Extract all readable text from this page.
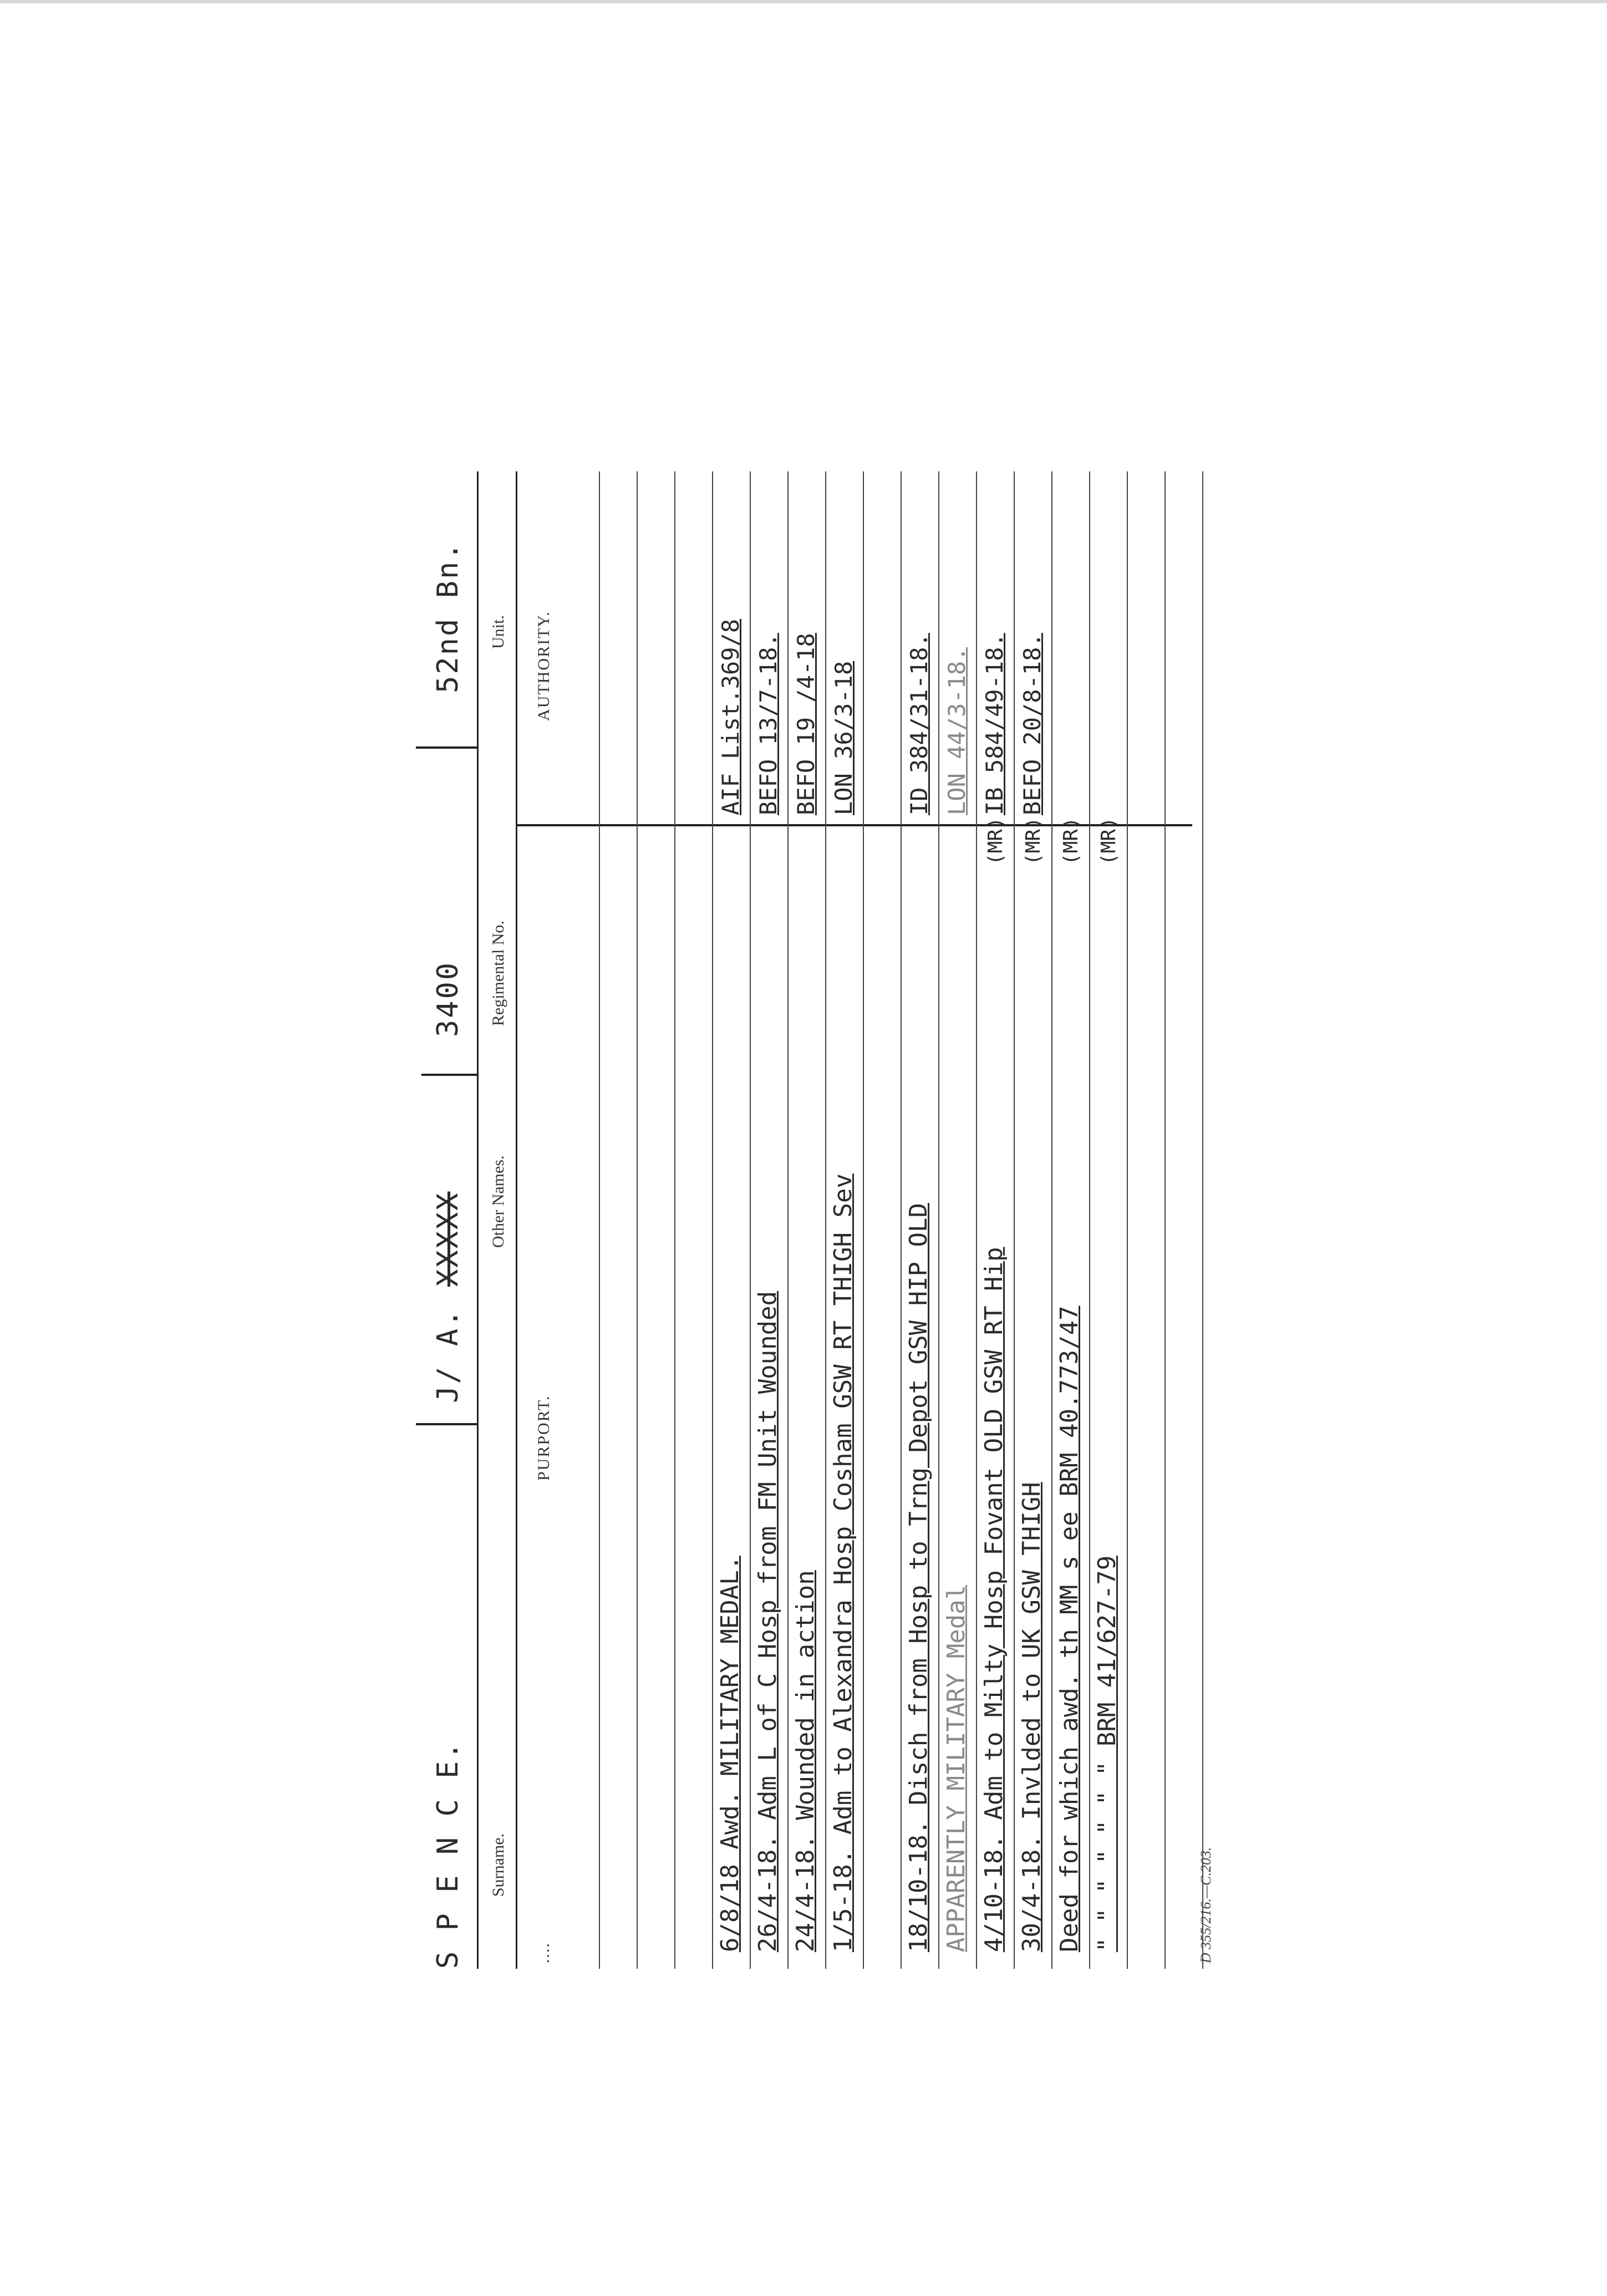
S P E N C E.
J/ A.
XXXXX
3400
52nd Bn.
Surname.
Other Names.
Regimental No.
Unit.
....
PURPORT.
AUTHORITY.
6/8/18 Awd. MILITARY MEDAL.
AIF List.369/8
26/4-18. Adm L of C Hosp from FM Unit Wounded
BEFO 13/7-18.
24/4-18. Wounded in action
BEFO 19 /4-18
1/5-18. Adm to Alexandra Hosp Cosham GSW RT THIGH Sev
LON 36/3-18
18/10-18. Disch from Hosp to Trng Depot GSW HIP OLD
ID 384/31-18.
APPARENTLY MILITARY Medal
LON 44/3-18.
4/10-18. Adm to Milty Hosp Fovant OLD GSW RT Hip
(MR)
IB 584/49-18.
30/4-18. Invlded to UK GSW THIGH
(MR)
BEFO 20/8-18.
Deed for which awd. th MM s ee BRM 40.773/47
(MR)
" " " " " " " BRM 41/627-79
(MR)
D 355/216.—C.203.
